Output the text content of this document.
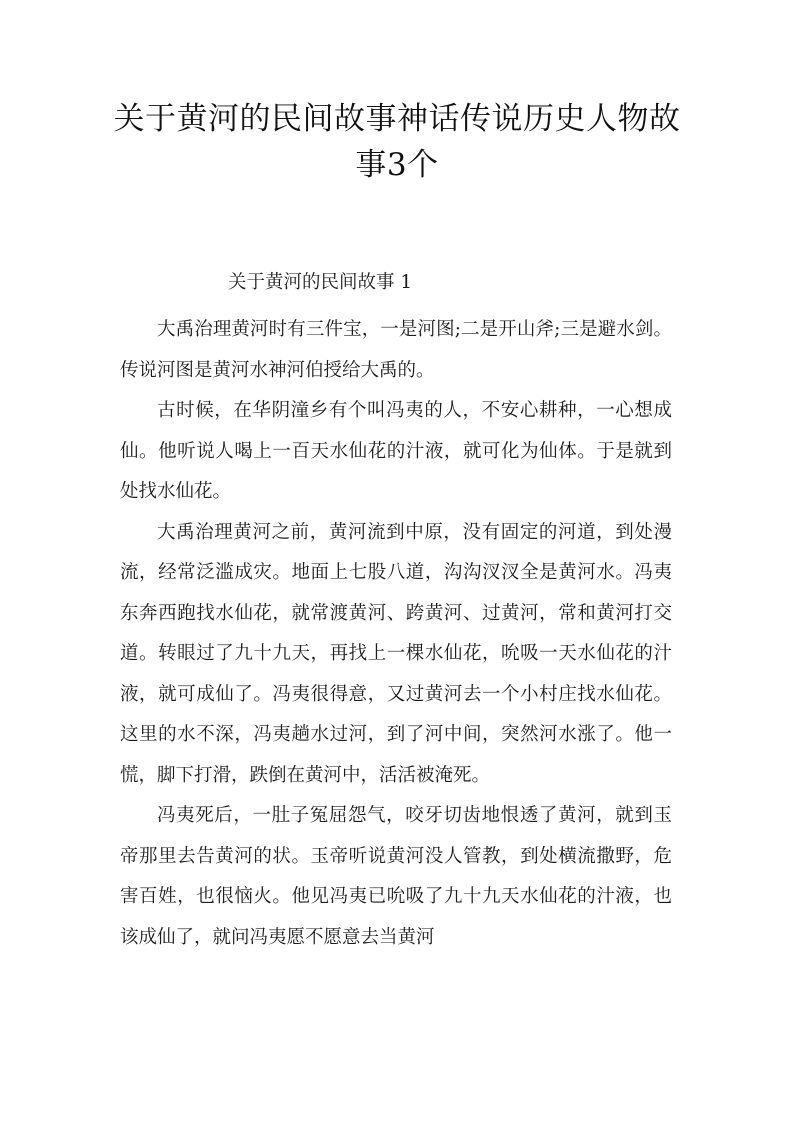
关于黄河的民间故事神话传说历史人物故事3个
关于黄河的民间故事 1

大禹治理黄河时有三件宝，一是河图;二是开山斧;三是避水剑。传说河图是黄河水神河伯授给大禹的。

古时候，在华阴潼乡有个叫冯夷的人，不安心耕种，一心想成仙。他听说人喝上一百天水仙花的汁液，就可化为仙体。于是就到处找水仙花。

大禹治理黄河之前，黄河流到中原，没有固定的河道，到处漫流，经常泛滥成灾。地面上七股八道，沟沟汊汊全是黄河水。冯夷东奔西跑找水仙花，就常渡黄河、跨黄河、过黄河，常和黄河打交道。转眼过了九十九天，再找上一棵水仙花，吮吸一天水仙花的汁液，就可成仙了。冯夷很得意，又过黄河去一个小村庄找水仙花。这里的水不深，冯夷趟水过河，到了河中间，突然河水涨了。他一慌，脚下打滑，跌倒在黄河中，活活被淹死。

冯夷死后，一肚子冤屈怨气，咬牙切齿地恨透了黄河，就到玉帝那里去告黄河的状。玉帝听说黄河没人管教，到处横流撒野，危害百姓，也很恼火。他见冯夷已吮吸了九十九天水仙花的汁液，也该成仙了，就问冯夷愿不愿意去当黄河
